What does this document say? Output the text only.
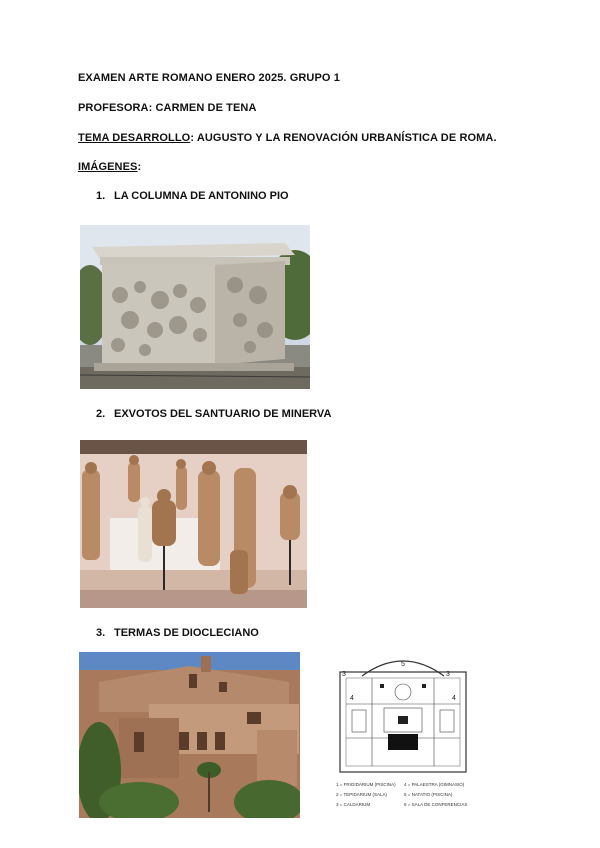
EXAMEN ARTE ROMANO ENERO 2025. GRUPO 1
PROFESORA: CARMEN DE TENA
TEMA DESARROLLO: AUGUSTO Y LA RENOVACIÓN URBANÍSTICA DE ROMA.
IMÁGENES:
1. LA COLUMNA DE ANTONINO PIO
2. EXVOTOS DEL SANTUARIO DE MINERVA
3. TERMAS DE DIOCLECIANO
3
5
3
4	4
1 = FRIGIDARIUM (PISCINA)
2 = TEPIDARIUM (SALA)
3 = CALDARIUM
4 = PALAESTRA (GIMNASIO)
5 = NATATIO (PISCINA)
6 = SALA DE CONFERENCIAS
